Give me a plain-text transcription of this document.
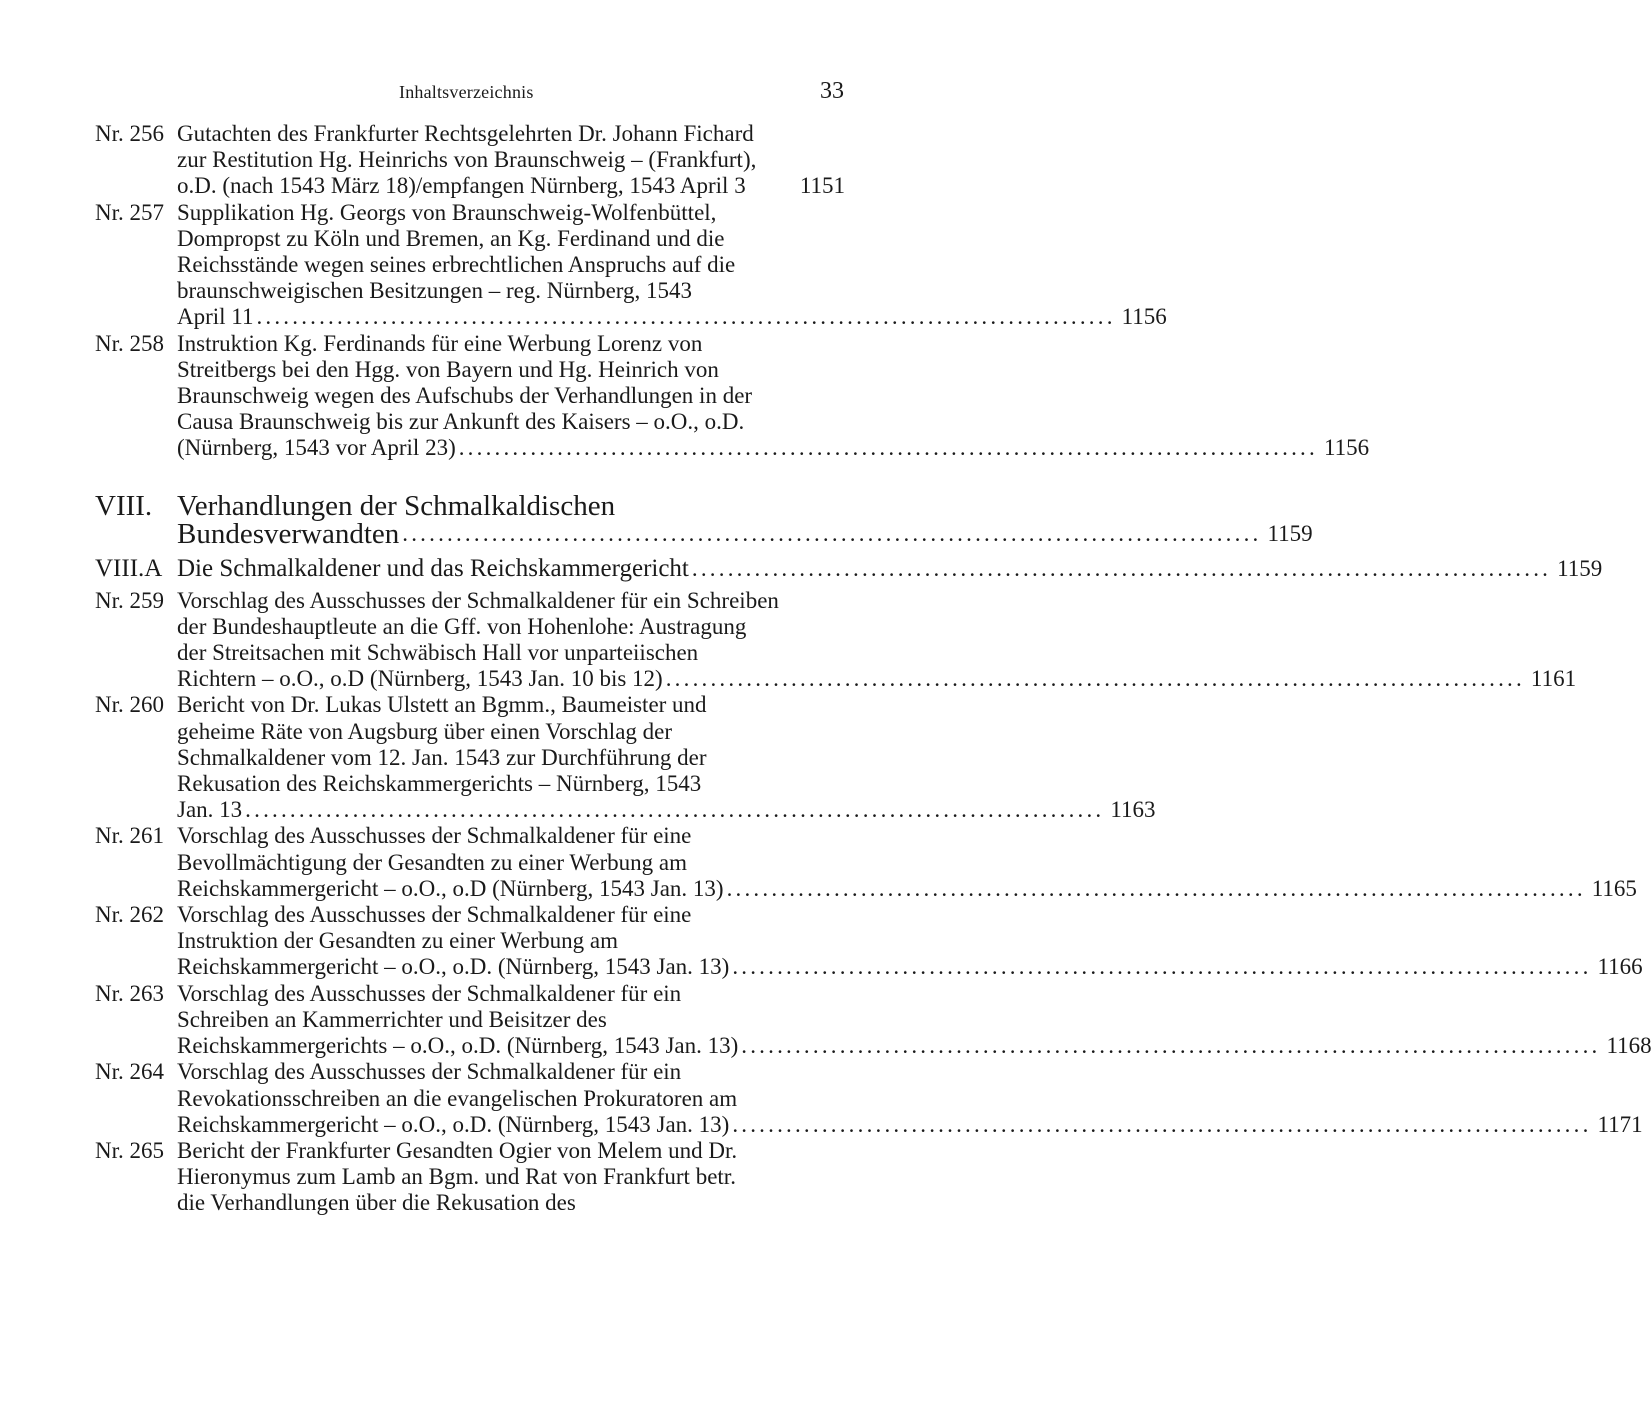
Inhaltsverzeichnis	33
Nr. 256 Gutachten des Frankfurter Rechtsgelehrten Dr. Johann Fichard
zur Restitution Hg. Heinrichs von Braunschweig – (Frankfurt),
o.D. (nach 1543 März 18)/empfangen Nürnberg, 1543 April 3 1151
Nr. 257 Supplikation Hg. Georgs von Braunschweig-Wolfenbüttel,
Dompropst zu Köln und Bremen, an Kg. Ferdinand und die
Reichsstände wegen seines erbrechtlichen Anspruchs auf die
braunschweigischen Besitzungen – reg. Nürnberg, 1543
April 11 ................................................................................................ 1156
Nr. 258 Instruktion Kg. Ferdinands für eine Werbung Lorenz von
Streitbergs bei den Hgg. von Bayern und Hg. Heinrich von
Braunschweig wegen des Aufschubs der Verhandlungen in der
Causa Braunschweig bis zur Ankunft des Kaisers – o.O., o.D.
(Nürnberg, 1543 vor April 23) ................................................................................................ 1156
VIII. Verhandlungen der Schmalkaldischen
Bundesverwandten ................................................................................................ 1159
VIII.A Die Schmalkaldener und das Reichskammergericht ................................................................................................ 1159
Nr. 259 Vorschlag des Ausschusses der Schmalkaldener für ein Schreiben
der Bundeshauptleute an die Gff. von Hohenlohe: Austragung
der Streitsachen mit Schwäbisch Hall vor unparteiischen
Richtern – o.O., o.D (Nürnberg, 1543 Jan. 10 bis 12) ................................................................................................ 1161
Nr. 260 Bericht von Dr. Lukas Ulstett an Bgmm., Baumeister und
geheime Räte von Augsburg über einen Vorschlag der
Schmalkaldener vom 12. Jan. 1543 zur Durchführung der
Rekusation des Reichskammergerichts – Nürnberg, 1543
Jan. 13 ................................................................................................ 1163
Nr. 261 Vorschlag des Ausschusses der Schmalkaldener für eine
Bevollmächtigung der Gesandten zu einer Werbung am
Reichskammergericht – o.O., o.D (Nürnberg, 1543 Jan. 13) ................................................................................................ 1165
Nr. 262 Vorschlag des Ausschusses der Schmalkaldener für eine
Instruktion der Gesandten zu einer Werbung am
Reichskammergericht – o.O., o.D. (Nürnberg, 1543 Jan. 13) ................................................................................................ 1166
Nr. 263 Vorschlag des Ausschusses der Schmalkaldener für ein
Schreiben an Kammerrichter und Beisitzer des
Reichskammergerichts – o.O., o.D. (Nürnberg, 1543 Jan. 13) ................................................................................................ 1168
Nr. 264 Vorschlag des Ausschusses der Schmalkaldener für ein
Revokationsschreiben an die evangelischen Prokuratoren am
Reichskammergericht – o.O., o.D. (Nürnberg, 1543 Jan. 13) ................................................................................................ 1171
Nr. 265 Bericht der Frankfurter Gesandten Ogier von Melem und Dr.
Hieronymus zum Lamb an Bgm. und Rat von Frankfurt betr.
die Verhandlungen über die Rekusation des
